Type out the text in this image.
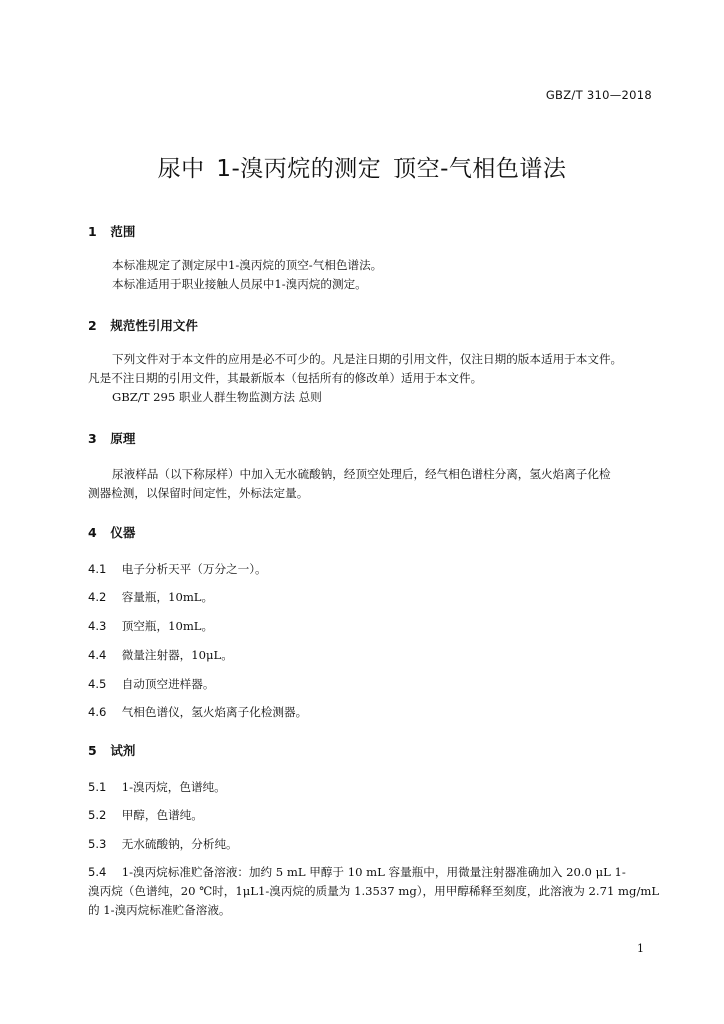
GBZ/T 310—2018
尿中 1-溴丙烷的测定 顶空-气相色谱法
1 范围
本标准规定了测定尿中1-溴丙烷的顶空-气相色谱法。
本标准适用于职业接触人员尿中1-溴丙烷的测定。
2 规范性引用文件
下列文件对于本文件的应用是必不可少的。凡是注日期的引用文件，仅注日期的版本适用于本文件。
凡是不注日期的引用文件，其最新版本（包括所有的修改单）适用于本文件。
GBZ/T 295 职业人群生物监测方法 总则
3 原理
尿液样品（以下称尿样）中加入无水硫酸钠，经顶空处理后，经气相色谱柱分离，氢火焰离子化检
测器检测，以保留时间定性，外标法定量。
4 仪器
4.1 电子分析天平（万分之一）。
4.2 容量瓶，10mL。
4.3 顶空瓶，10mL。
4.4 微量注射器，10μL。
4.5 自动顶空进样器。
4.6 气相色谱仪，氢火焰离子化检测器。
5 试剂
5.1 1-溴丙烷，色谱纯。
5.2 甲醇，色谱纯。
5.3 无水硫酸钠，分析纯。
5.4 1-溴丙烷标准贮备溶液：加约 5 mL 甲醇于 10 mL 容量瓶中，用微量注射器准确加入 20.0 μL 1-
溴丙烷（色谱纯，20 ℃时，1μL1-溴丙烷的质量为 1.3537 mg），用甲醇稀释至刻度，此溶液为 2.71 mg/mL
的 1-溴丙烷标准贮备溶液。
1
